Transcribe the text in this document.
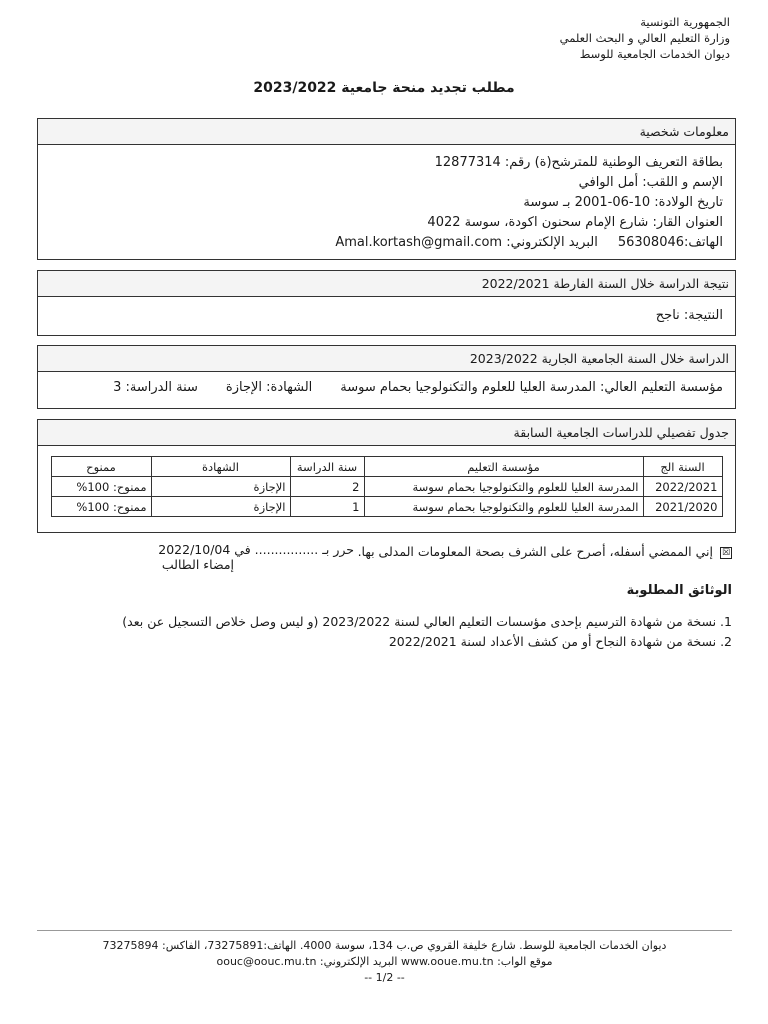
الجمهورية التونسية
وزارة التعليم العالي و البحث العلمي
ديوان الخدمات الجامعية للوسط
مطلب تجديد منحة جامعية 2023/2022
معلومات شخصية
بطاقة التعريف الوطنية للمترشح(ة) رقم: 12877314
الإسم و اللقب: أمل الوافي
تاريخ الولادة: 10-06-2001 بـ سوسة
العنوان القار: شارع الإمام سحنون اكودة، سوسة 4022
الهاتف:56308046
البريد الإلكتروني: Amal.kortash@gmail.com
نتيجة الدراسة خلال السنة الفارطة 2022/2021
النتيجة: ناجح
الدراسة خلال السنة الجامعية الجارية 2023/2022
مؤسسة التعليم العالي: المدرسة العليا للعلوم والتكنولوجيا بحمام سوسة
الشهادة: الإجازة
سنة الدراسة: 3
جدول تفصيلي للدراسات الجامعية السابقة
السنة الج	مؤسسة التعليم	سنة الدراسة	الشهادة	ممنوح
2022/2021	المدرسة العليا للعلوم والتكنولوجيا بحمام سوسة	2	الإجازة	ممنوح: 100%
2021/2020	المدرسة العليا للعلوم والتكنولوجيا بحمام سوسة	1	الإجازة	ممنوح: 100%
☒ إني الممضي أسفله، أصرح على الشرف بصحة المعلومات المدلى بها.
حرر بـ ................ في 2022/10/04
إمضاء الطالب
الوثائق المطلوبة
1. نسخة من شهادة الترسيم بإحدى مؤسسات التعليم العالي لسنة 2023/2022 (و ليس وصل خلاص التسجيل عن بعد)
2. نسخة من شهادة النجاح أو من كشف الأعداد لسنة 2022/2021
ديوان الخدمات الجامعية للوسط. شارع خليفة القروي ص.ب 134، سوسة 4000. الهاتف:73275891، الفاكس: 73275894
موقع الواب: www.ooue.mu.tn البريد الإلكتروني: oouc@oouc.mu.tn
-- 1/2 --
